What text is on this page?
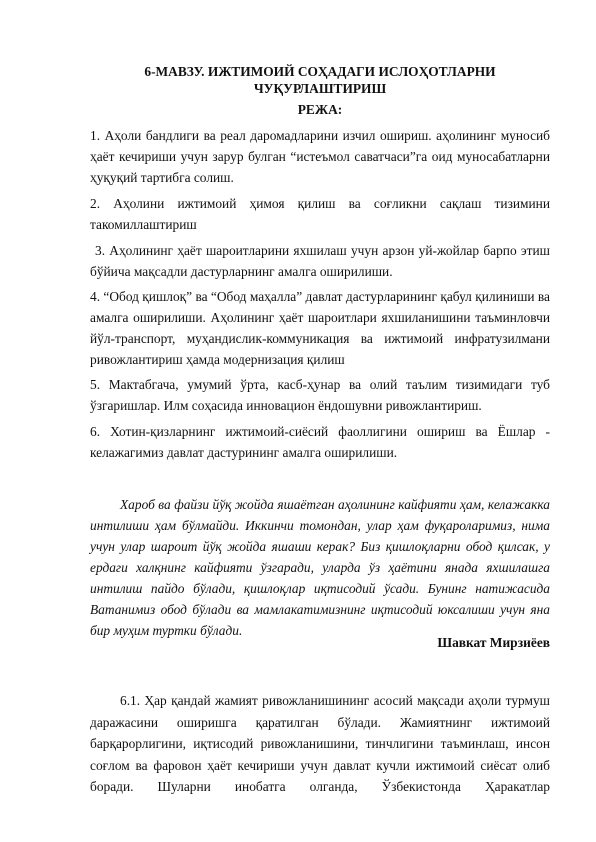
6-МАВЗУ. ИЖТИМОИЙ СОҲАДАГИ ИСЛОҲОТЛАРНИ ЧУҚУРЛАШТИРИШ
РЕЖА:
1. Аҳоли бандлиги ва реал даромадларини изчил ошириш. аҳолининг муносиб ҳаёт кечириши учун зарур булган “истеъмол саватчаси”га оид муносабатларни ҳуқуқий тартибга солиш.
2. Аҳолини ижтимоий ҳимоя қилиш ва соғликни сақлаш тизимини такомиллаштириш
3. Аҳолининг ҳаёт шароитларини яхшилаш учун арзон уй-жойлар барпо этиш бўйича мақсадли дастурларнинг амалга оширилиши.
4. “Обод қишлоқ” ва “Обод маҳалла” давлат дастурларининг қабул қилиниши ва амалга оширилиши. Аҳолининг ҳаёт шароитлари яхшиланишини таъминловчи йўл-транспорт, муҳандислик-коммуникация ва ижтимоий инфратузилмани ривожлантириш ҳамда модернизация қилиш
5. Мактабгача, умумий ўрта, касб-ҳунар ва олий таълим тизимидаги туб ўзгаришлар. Илм соҳасида инновацион ёндошувни ривожлантириш.
6. Хотин-қизларнинг ижтимоий-сиёсий фаоллигини ошириш ва Ёшлар - келажагимиз давлат дастурининг амалга оширилиши.
Хароб ва файзи йўқ жойда яшаётган аҳолининг кайфияти ҳам, келажакка интилиши ҳам бўлмайди. Иккинчи томондан, улар ҳам фуқароларимиз, нима учун улар шароит йўқ жойда яшаши керак? Биз қишлоқларни обод қилсак, у ердаги халқнинг кайфияти ўзгаради, уларда ўз ҳаётини янада яхшилашга интилиш пайдо бўлади, қишлоқлар иқтисодий ўсади. Бунинг натижасида Ватанимиз обод бўлади ва мамлакатимизнинг иқтисодий юксалиши учун яна бир муҳим туртки бўлади.
Шавкат Мирзиёев
6.1. Ҳар қандай жамият ривожланишининг асосий мақсади аҳоли турмуш даражасини оширишга қаратилган бўлади. Жамиятнинг ижтимоий барқарорлигини, иқтисодий ривожланишини, тинчлигини таъминлаш, инсон соғлом ва фаровон ҳаёт кечириши учун давлат кучли ижтимоий сиёсат олиб боради. Шуларни инобатга олганда, Ўзбекистонда Ҳаракатлар
